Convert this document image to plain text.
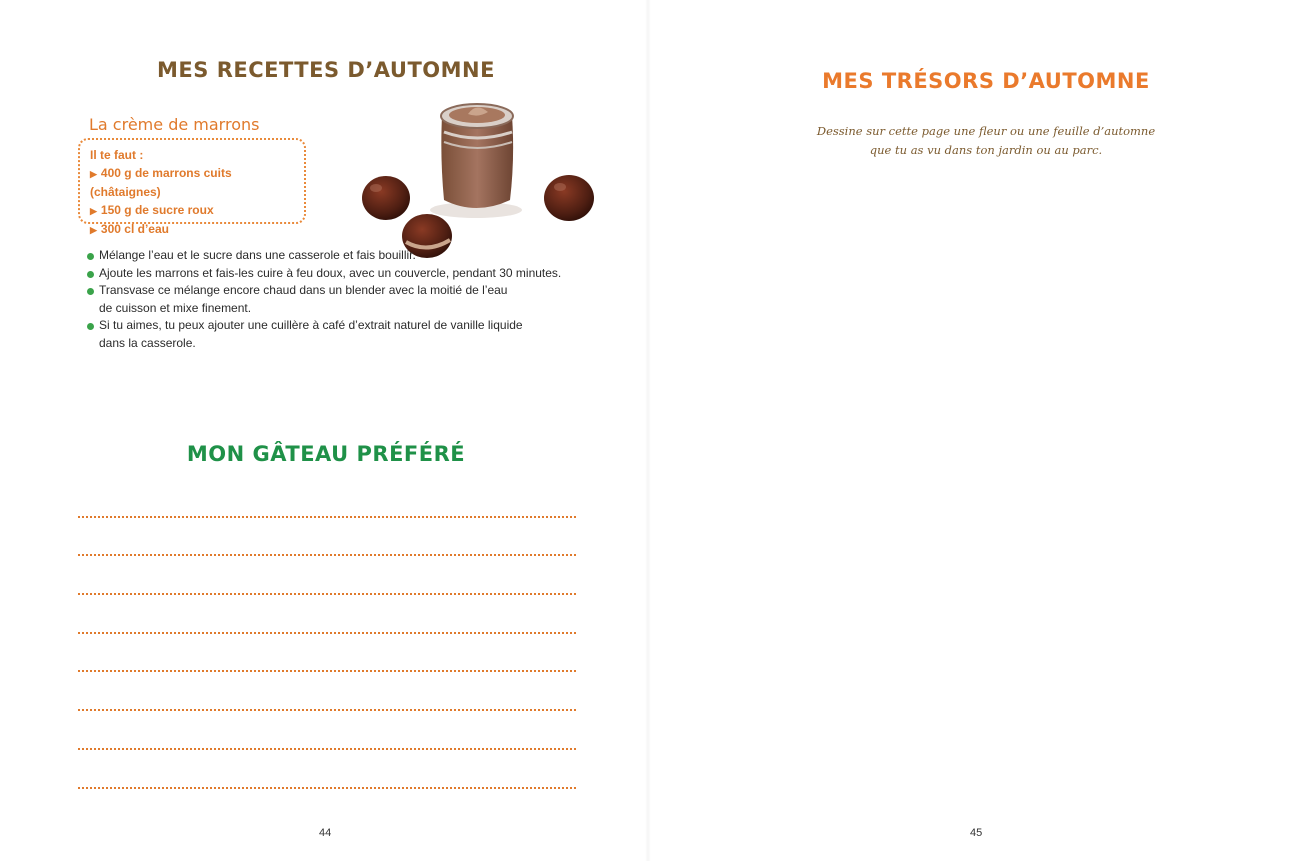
MES RECETTES D’AUTOMNE
La crème de marrons
Il te faut :
▶ 400 g de marrons cuits (châtaignes)
▶ 150 g de sucre roux
▶ 300 cl d’eau
Mélange l’eau et le sucre dans une casserole et fais bouillir.
Ajoute les marrons et fais-les cuire à feu doux, avec un couvercle, pendant 30 minutes.
Transvase ce mélange encore chaud dans un blender avec la moitié de l’eau
de cuisson et mixe finement.
Si tu aimes, tu peux ajouter une cuillère à café d’extrait naturel de vanille liquide
dans la casserole.
MON GÂTEAU PRÉFÉRÉ
44
MES TRÉSORS D’AUTOMNE
Dessine sur cette page une fleur ou une feuille d’automne
que tu as vu dans ton jardin ou au parc.
45
